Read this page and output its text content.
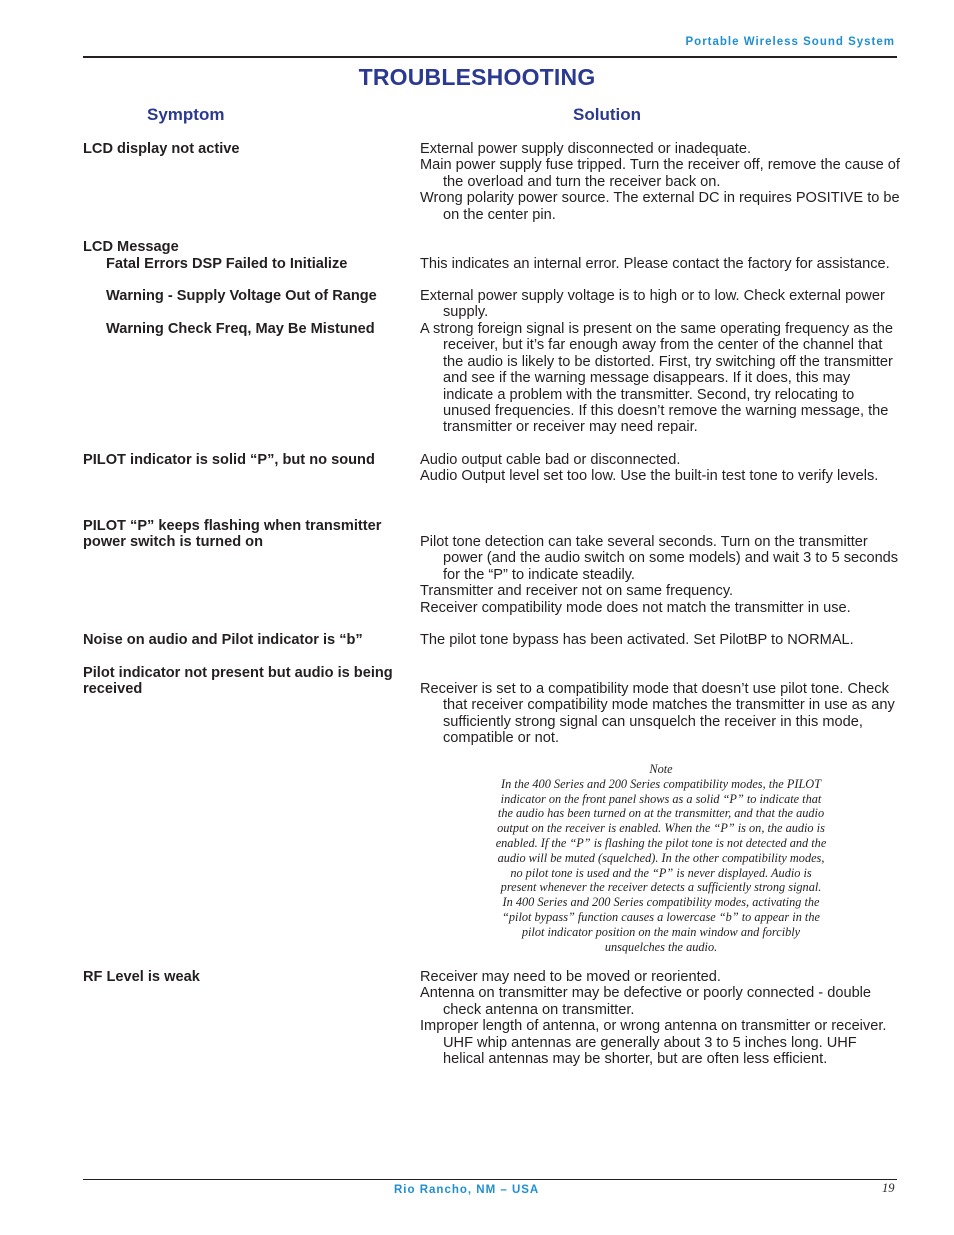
Portable Wireless Sound System
TROUBLESHOOTING
Symptom	Solution
LCD display not active	External power supply disconnected or inadequate.

Main power supply fuse tripped. Turn the receiver off, remove the cause of the overload and turn the receiver back on.

Wrong polarity power source. The external DC in requires POSITIVE to be on the center pin.

LCD Message
Fatal Errors DSP Failed to Initialize	This indicates an internal error. Please contact the factory for assistance.

Warning - Supply Voltage Out of Range	External power supply voltage is to high or to low. Check external power supply.

Warning Check Freq, May Be Mistuned	A strong foreign signal is present on the same operating frequency as the receiver, but it’s far enough away from the center of the channel that the audio is likely to be distorted. First, try switching off the transmitter and see if the warning message disappears. If it does, this may indicate a problem with the transmitter. Second, try relocating to unused frequencies. If this doesn’t remove the warning message, the transmitter or receiver may need repair.

PILOT indicator is solid “P”, but no sound	Audio output cable bad or disconnected.

Audio Output level set too low. Use the built-in test tone to verify levels.

PILOT “P” keeps flashing when transmitter power switch is turned on	Pilot tone detection can take several seconds. Turn on the transmitter power (and the audio switch on some models) and wait 3 to 5 seconds for the “P” to indicate steadily.

Transmitter and receiver not on same frequency.

Receiver compatibility mode does not match the transmitter in use.

Noise on audio and Pilot indicator is “b”	The pilot tone bypass has been activated. Set PilotBP to NORMAL.

Pilot indicator not present but audio is being received	Receiver is set to a compatibility mode that doesn’t use pilot tone. Check that receiver compatibility mode matches the transmitter in use as any sufficiently strong signal can unsquelch the receiver in this mode, compatible or not.

Note
In the 400 Series and 200 Series compatibility modes, the PILOT
indicator on the front panel shows as a solid “P” to indicate that
the audio has been turned on at the transmitter, and that the audio
output on the receiver is enabled. When the “P” is on, the audio is
enabled. If the “P” is flashing the pilot tone is not detected and the
audio will be muted (squelched). In the other compatibility modes,
no pilot tone is used and the “P” is never displayed. Audio is
present whenever the receiver detects a sufficiently strong signal.
In 400 Series and 200 Series compatibility modes, activating the
“pilot bypass” function causes a lowercase “b” to appear in the
pilot indicator position on the main window and forcibly
unsquelches the audio.
RF Level is weak	Receiver may need to be moved or reoriented.

Antenna on transmitter may be defective or poorly connected - double check antenna on transmitter.

Improper length of antenna, or wrong antenna on transmitter or receiver. UHF whip antennas are generally about 3 to 5 inches long. UHF helical antennas may be shorter, but are often less efficient.

Rio Rancho, NM – USA	19
